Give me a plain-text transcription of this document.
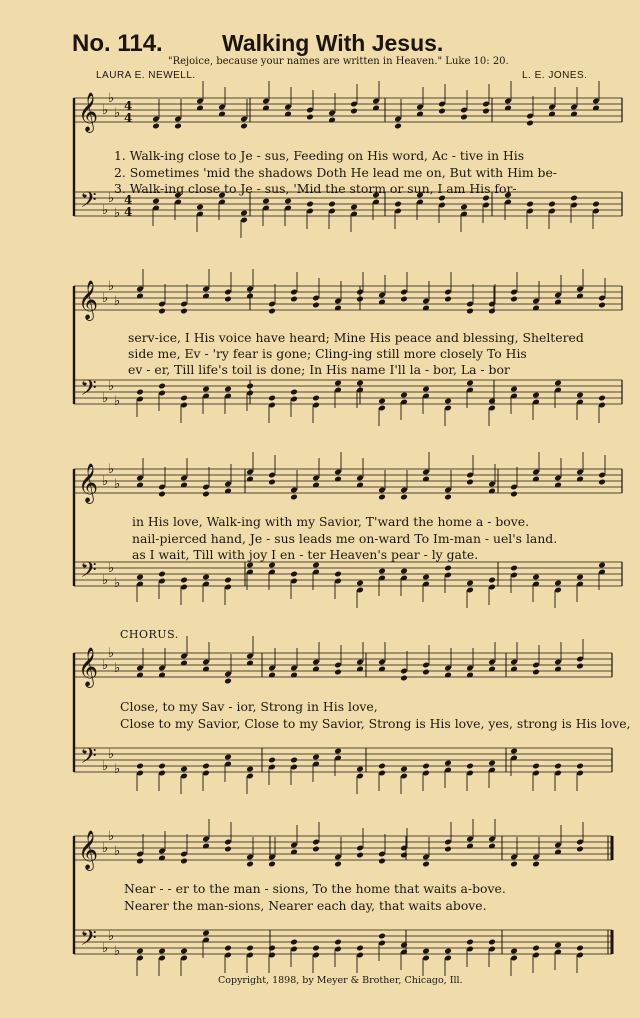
No. 114.	Walking With Jesus.
"Rejoice, because your names are written in Heaven." Luke 10: 20.
LAURA E. NEWELL.	L. E. JONES.
𝄞
𝄢
♭
♭
♭
♭
♭
♭
4
4
4
4
𝄞
𝄢
♭
♭
♭
♭
♭
♭
𝄞
𝄢
♭
♭
♭
♭
♭
♭
𝄞
𝄢
♭
♭
♭
♭
♭
♭
𝄞
𝄢
♭
♭
♭
♭
♭
♭
1. Walk-ing close to Je - sus, Feeding on His word, Ac - tive in His
2. Sometimes 'mid the shadows Doth He lead me on, But with Him be-
3. Walk-ing close to Je - sus, 'Mid the storm or sun, I am His for-
serv-ice, I His voice have heard; Mine His peace and blessing, Sheltered
side me, Ev - 'ry fear is gone; Cling-ing still more closely To His
ev - er, Till life's toil is done; In His name I'll la - bor, La - bor
in His love, Walk-ing with my Savior, T'ward the home a - bove.
nail-pierced hand, Je - sus leads me on-ward To Im-man - uel's land.
as I wait, Till with joy I en - ter Heaven's pear - ly gate.
CHORUS.
Close, to my Sav - ior, Strong in His love,
Close to my Savior, Close to my Savior, Strong is His love, yes, strong is His love,
Near - - er to the man - sions, To the home that waits a-bove.
Nearer the man-sions, Nearer each day, that waits above.
Copyright, 1898, by Meyer & Brother, Chicago, Ill.
